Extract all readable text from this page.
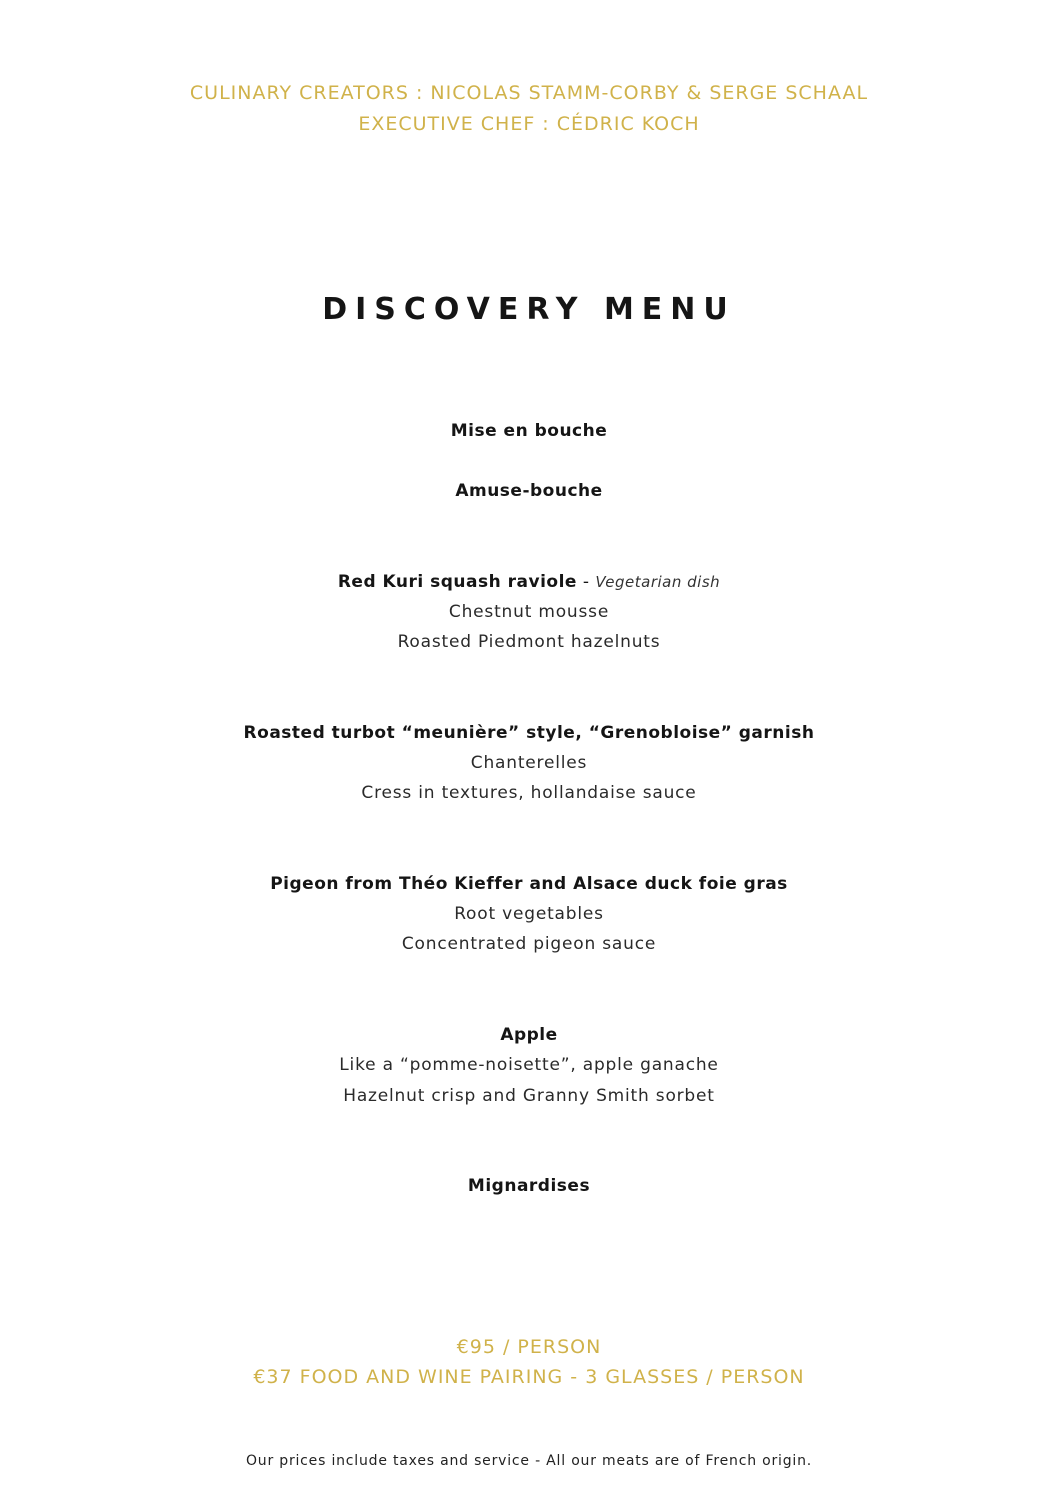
CULINARY CREATORS : NICOLAS STAMM-CORBY & SERGE SCHAAL
EXECUTIVE CHEF : CÉDRIC KOCH
DISCOVERY MENU
Mise en bouche
Amuse-bouche
Red Kuri squash raviole - Vegetarian dish
Chestnut mousse
Roasted Piedmont hazelnuts
Roasted turbot “meunière” style, “Grenobloise” garnish
Chanterelles
Cress in textures, hollandaise sauce
Pigeon from Théo Kieffer and Alsace duck foie gras
Root vegetables
Concentrated pigeon sauce
Apple
Like a “pomme-noisette”, apple ganache
Hazelnut crisp and Granny Smith sorbet
Mignardises
€95 / PERSON
€37 FOOD AND WINE PAIRING - 3 GLASSES / PERSON
Our prices include taxes and service - All our meats are of French origin.
